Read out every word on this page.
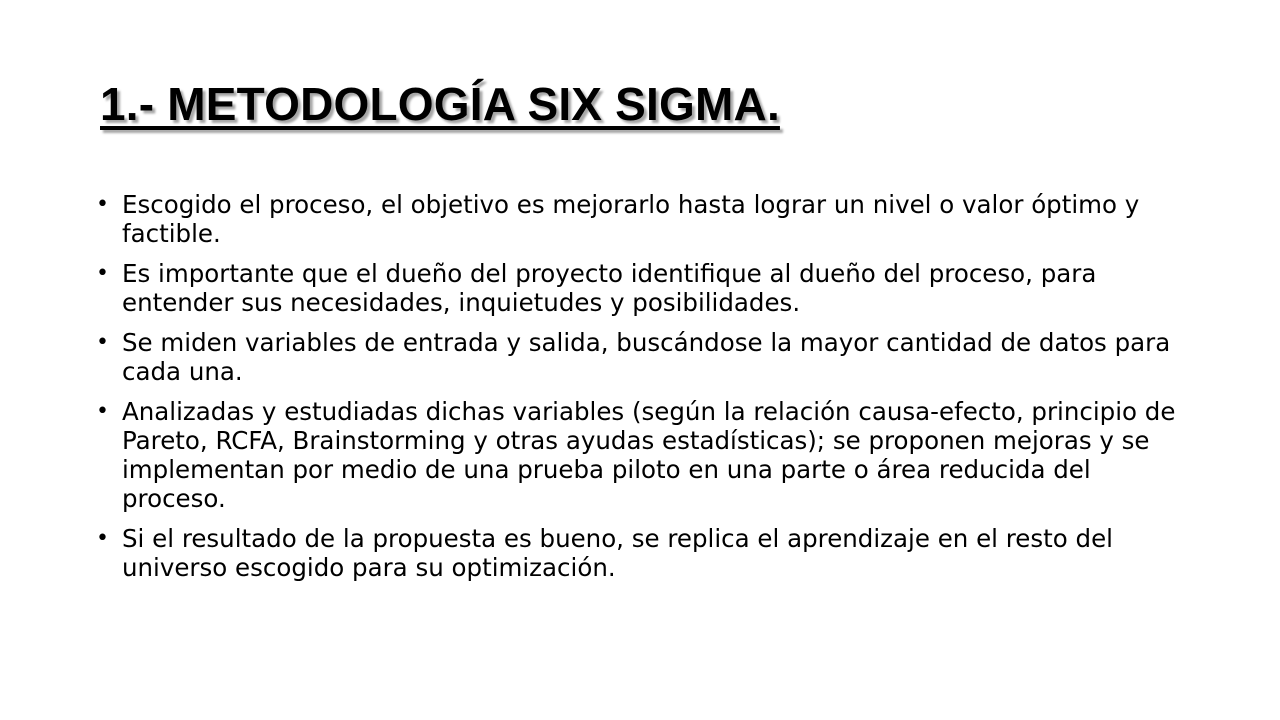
1.- METODOLOGÍA SIX SIGMA.
• Escogido el proceso, el objetivo es mejorarlo hasta lograr un nivel o valor óptimo y factible.
• Es importante que el dueño del proyecto identifique al dueño del proceso, para entender sus necesidades, inquietudes y posibilidades.
• Se miden variables de entrada y salida, buscándose la mayor cantidad de datos para cada una.
• Analizadas y estudiadas dichas variables (según la relación causa-efecto, principio de Pareto, RCFA, Brainstorming y otras ayudas estadísticas); se proponen mejoras y se implementan por medio de una prueba piloto en una parte o área reducida del proceso.
• Si el resultado de la propuesta es bueno, se replica el aprendizaje en el resto del universo escogido para su optimización.
